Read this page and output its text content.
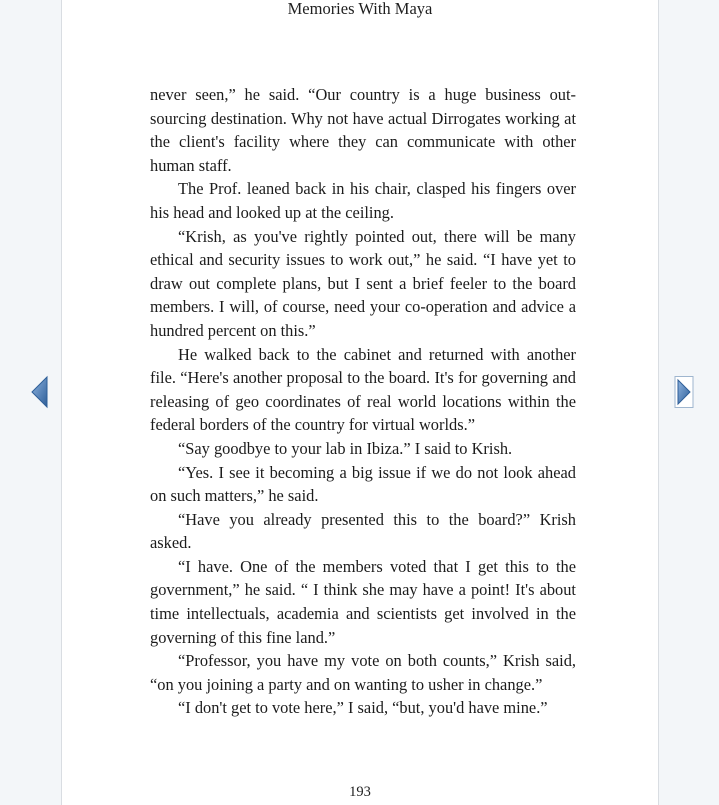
Memories With Maya

never seen,” he said. “Our country is a huge business outsourcing destination. Why not have actual Dirrogates working at the client's facility where they can communicate with other human staff.

The Prof. leaned back in his chair, clasped his fingers over his head and looked up at the ceiling.

“Krish, as you've rightly pointed out, there will be many ethical and security issues to work out,” he said. “I have yet to draw out complete plans, but I sent a brief feeler to the board members. I will, of course, need your co-operation and advice a hundred percent on this.”

He walked back to the cabinet and returned with another file. “Here's another proposal to the board. It's for governing and releasing of geo coordinates of real world locations within the federal borders of the country for virtual worlds.”

“Say goodbye to your lab in Ibiza.” I said to Krish.

“Yes. I see it becoming a big issue if we do not look ahead on such matters,” he said.

“Have you already presented this to the board?” Krish asked.

“I have. One of the members voted that I get this to the government,” he said. “ I think she may have a point! It's about time intellectuals, academia and scientists get involved in the governing of this fine land.”

“Professor, you have my vote on both counts,” Krish said, “on you joining a party and on wanting to usher in change.”

“I don't get to vote here,” I said, “but, you'd have mine.”

193
